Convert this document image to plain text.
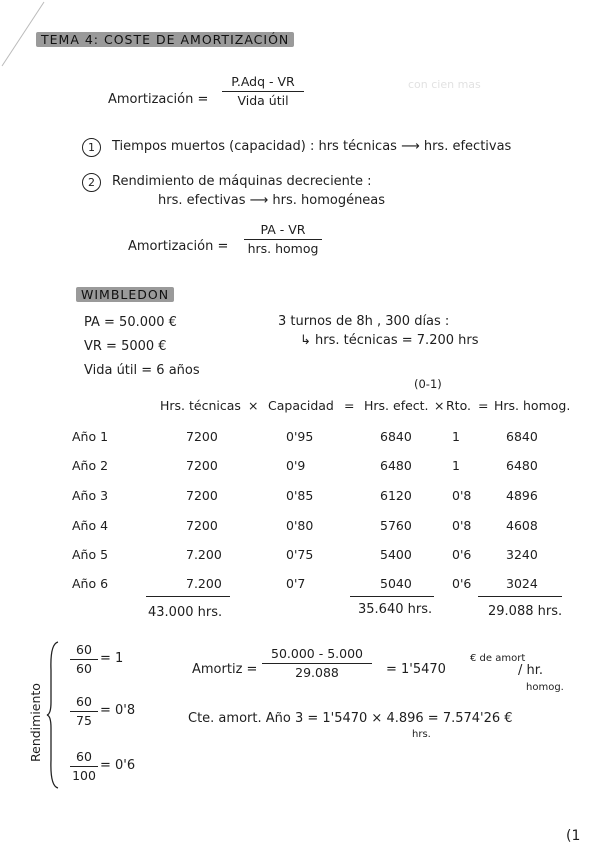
TEMA 4: COSTE DE AMORTIZACIÓN
con cien mas
Amortización =
P.Adq - VR
Vida útil
1	Tiempos muertos (capacidad) : hrs técnicas ⟶ hrs. efectivas
2	Rendimiento de máquinas decreciente :
hrs. efectivas ⟶ hrs. homogéneas
Amortización =
PA - VR
hrs. homog
WIMBLEDON
PA = 50.000 €
VR = 5000 €
Vida útil = 6 años
3 turnos de 8h , 300 días :
↳ hrs. técnicas = 7.200 hrs
(0-1)
Hrs. técnicas × Capacidad = Hrs. efect. × Rto. = Hrs. homog.
Año 1	7200	0'95	6840	1	6840
Año 2	7200	0'9	6480	1	6480
Año 3	7200	0'85	6120	0'8	4896
Año 4	7200	0'80	5760	0'8	4608
Año 5	7.200	0'75	5400	0'6	3240
Año 6	7.200	0'7	5040	0'6	3024
43.000 hrs.	35.640 hrs.	29.088 hrs.
Rendimiento
60
60
= 1
60
75
= 0'8
60
100
= 0'6
Amortiz =
50.000 - 5.000
29.088	= 1'5470
€ de amort
/ hr.
homog.
Cte. amort. Año 3 = 1'5470 × 4.896 = 7.574'26 €
hrs.
(1
